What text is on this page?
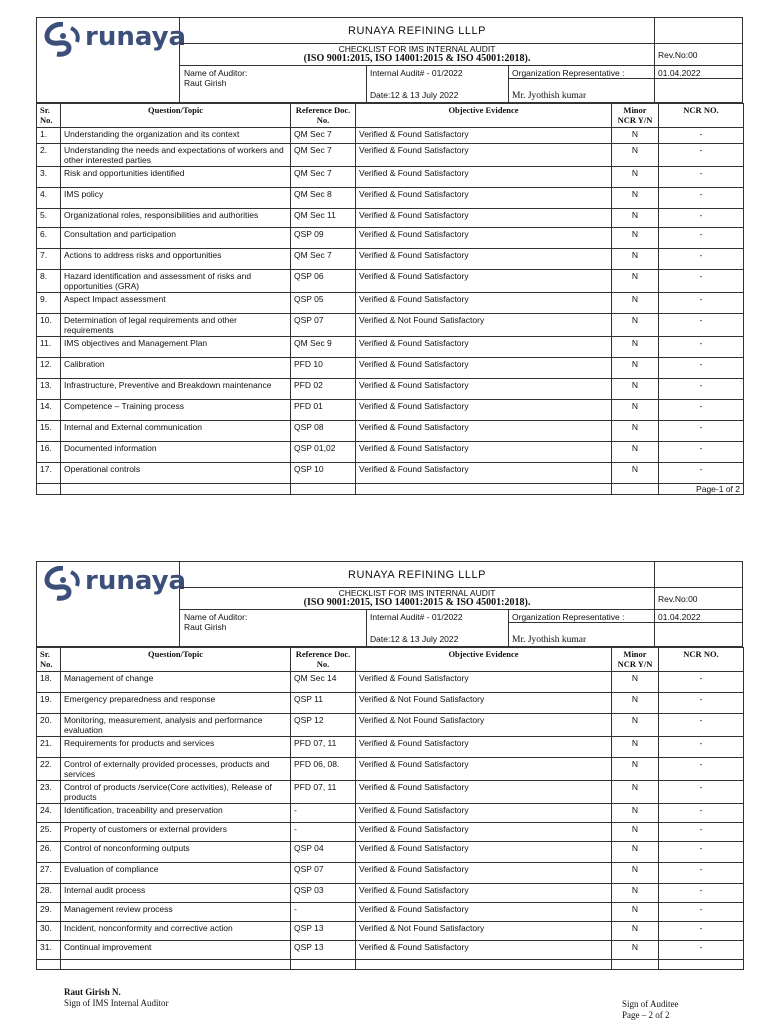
runaya	RUNAYA REFINING LLLP
CHECKLIST FOR IMS INTERNAL AUDIT
(ISO 9001:2015, ISO 14001:2015 & ISO 45001:2018).	Rev.No:00
Name of Auditor:
Raut Girish
Internal Audit# - 01/2022
Date:12 & 13 July 2022
Organization Representative :
Mr. Jyothish kumar
01.04.2022
Sr. No.	Question/Topic	Reference Doc. No.	Objective Evidence	Minor NCR Y/N	NCR NO.
1.	Understanding the organization and its context	QM Sec 7	Verified & Found Satisfactory	N	-
2.	Understanding the needs and expectations of workers and other interested parties	QM Sec 7	Verified & Found Satisfactory	N	-
3.	Risk and opportunities identified	QM Sec 7	Verified & Found Satisfactory	N	-
4.	IMS policy	QM Sec 8	Verified & Found Satisfactory	N	-
5.	Organizational roles, responsibilities and authorities	QM Sec 11	Verified & Found Satisfactory	N	-
6.	Consultation and participation	QSP 09	Verified & Found Satisfactory	N	-
7.	Actions to address risks and opportunities	QM Sec 7	Verified & Found Satisfactory	N	-
8.	Hazard identification and assessment of risks and opportunities (GRA)	QSP 06	Verified & Found Satisfactory	N	-
9.	Aspect Impact assessment	QSP 05	Verified & Found Satisfactory	N	-
10.	Determination of legal requirements and other requirements	QSP 07	Verified & Not Found Satisfactory	N	-
11.	IMS objectives and Management Plan	QM Sec 9	Verified & Found Satisfactory	N	-
12.	Calibration	PFD 10	Verified & Found Satisfactory	N	-
13.	Infrastructure, Preventive and Breakdown maintenance	PFD 02	Verified & Found Satisfactory	N	-
14.	Competence – Training process	PFD 01	Verified & Found Satisfactory	N	-
15.	Internal and External communication	QSP 08	Verified & Found Satisfactory	N	-
16.	Documented information	QSP 01,02	Verified & Found Satisfactory	N	-
17.	Operational controls	QSP 10	Verified & Found Satisfactory	N	-
					Page-1 of 2
runaya	RUNAYA REFINING LLLP
CHECKLIST FOR IMS INTERNAL AUDIT
(ISO 9001:2015, ISO 14001:2015 & ISO 45001:2018).	Rev.No:00
Name of Auditor:
Raut Girish
Internal Audit# - 01/2022
Date:12 & 13 July 2022
Organization Representative :
Mr. Jyothish kumar
01.04.2022
Sr. No.	Question/Topic	Reference Doc. No.	Objective Evidence	Minor NCR Y/N	NCR NO.
18.	Management of change	QM Sec 14	Verified & Found Satisfactory	N	-
19.	Emergency preparedness and response	QSP 11	Verified & Not Found Satisfactory	N	-
20.	Monitoring, measurement, analysis and performance evaluation	QSP 12	Verified & Not Found Satisfactory	N	-
21.	Requirements for products and services	PFD 07, 11	Verified & Found Satisfactory	N	-
22.	Control of externally provided processes, products and services	PFD 06, 08.	Verified & Found Satisfactory	N	-
23.	Control of products /service(Core activities), Release of products	PFD 07, 11	Verified & Found Satisfactory	N	-
24.	Identification, traceability and preservation	-	Verified & Found Satisfactory	N	-
25.	Property of customers or external providers	-	Verified & Found Satisfactory	N	-
26.	Control of nonconforming outputs	QSP 04	Verified & Found Satisfactory	N	-
27.	Evaluation of compliance	QSP 07	Verified & Found Satisfactory	N	-
28.	Internal audit process	QSP 03	Verified & Found Satisfactory	N	-
29.	Management review process	-	Verified & Found Satisfactory	N	-
30.	Incident, nonconformity and corrective action	QSP 13	Verified & Not Found Satisfactory	N	-
31.	Continual improvement	QSP 13	Verified & Found Satisfactory	N	-

Raut Girish N.
Sign of IMS Internal Auditor	Sign of Auditee
Page – 2 of 2
